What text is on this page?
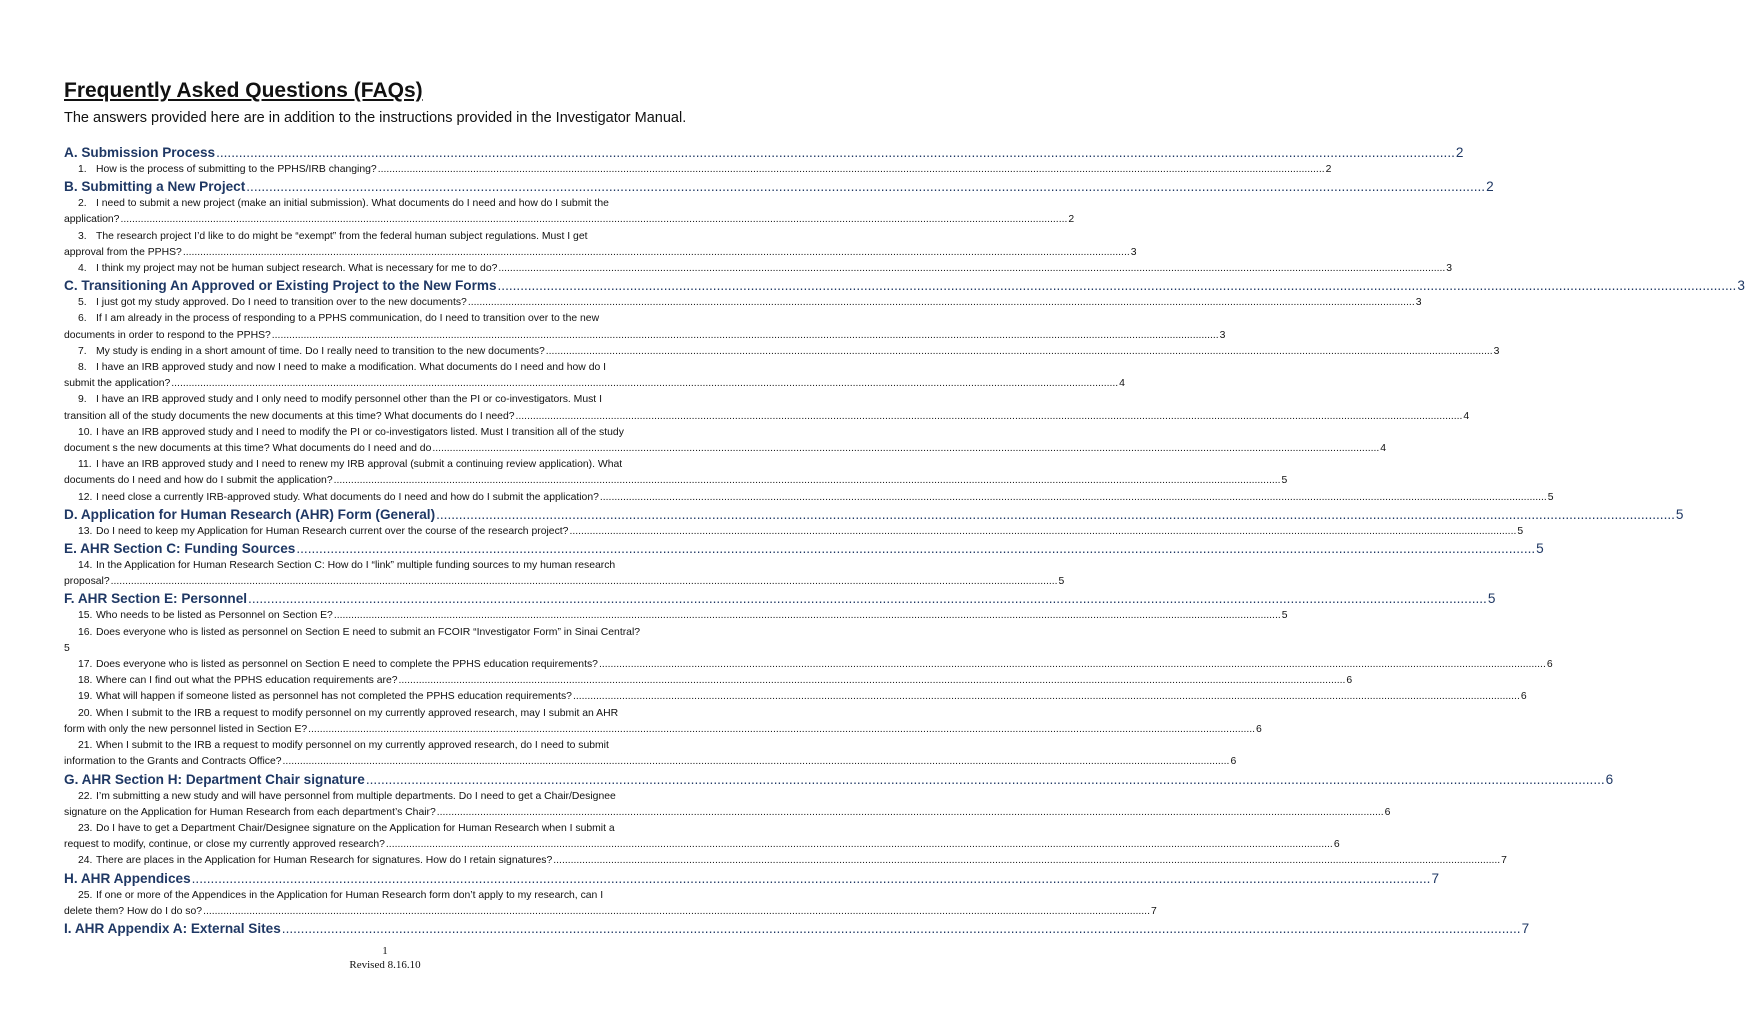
Frequently Asked Questions (FAQs)

The answers provided here are in addition to the instructions provided in the Investigator Manual.

A. Submission Process .....	2
1. How is the process of submitting to the PPHS/IRB changing? .....	2
B. Submitting a New Project .....	2
2. I need to submit a new project (make an initial submission). What documents do I need and how do I submit the
application? .....	2
3. The research project I’d like to do might be “exempt” from the federal human subject regulations. Must I get
approval from the PPHS? .....	3
4. I think my project may not be human subject research. What is necessary for me to do? .....	3
C. Transitioning An Approved or Existing Project to the New Forms .....	3
5. I just got my study approved. Do I need to transition over to the new documents? .....	3
6. If I am already in the process of responding to a PPHS communication, do I need to transition over to the new
documents in order to respond to the PPHS? .....	3
7. My study is ending in a short amount of time. Do I really need to transition to the new documents? .....	3
8. I have an IRB approved study and now I need to make a modification. What documents do I need and how do I
submit the application? .....	4
9. I have an IRB approved study and I only need to modify personnel other than the PI or co-investigators. Must I
transition all of the study documents the new documents at this time? What documents do I need? .....	4
10. I have an IRB approved study and I need to modify the PI or co-investigators listed. Must I transition all of the study
document s the new documents at this time? What documents do I need and do .....	4
11. I have an IRB approved study and I need to renew my IRB approval (submit a continuing review application). What
documents do I need and how do I submit the application? .....	5
12. I need close a currently IRB-approved study. What documents do I need and how do I submit the application? .....	5
D. Application for Human Research (AHR) Form (General) .....	5
13. Do I need to keep my Application for Human Research current over the course of the research project? .....	5
E. AHR Section C: Funding Sources .....	5
14. In the Application for Human Research Section C: How do I “link” multiple funding sources to my human research
proposal? .....	5
F. AHR Section E: Personnel .....	5
15. Who needs to be listed as Personnel on Section E? .....	5
16. Does everyone who is listed as personnel on Section E need to submit an FCOIR “Investigator Form” in Sinai Central?
5
17. Does everyone who is listed as personnel on Section E need to complete the PPHS education requirements? .....	6
18. Where can I find out what the PPHS education requirements are? .....	6
19. What will happen if someone listed as personnel has not completed the PPHS education requirements? .....	6
20. When I submit to the IRB a request to modify personnel on my currently approved research, may I submit an AHR
form with only the new personnel listed in Section E? .....	6
21. When I submit to the IRB a request to modify personnel on my currently approved research, do I need to submit
information to the Grants and Contracts Office? .....	6
G. AHR Section H: Department Chair signature .....	6
22. I’m submitting a new study and will have personnel from multiple departments. Do I need to get a Chair/Designee
signature on the Application for Human Research from each department’s Chair? .....	6
23. Do I have to get a Department Chair/Designee signature on the Application for Human Research when I submit a
request to modify, continue, or close my currently approved research? .....	6
24. There are places in the Application for Human Research for signatures. How do I retain signatures? .....	7
H. AHR Appendices .....	7
25. If one or more of the Appendices in the Application for Human Research form don’t apply to my research, can I
delete them? How do I do so? .....	7
I. AHR Appendix A: External Sites .....	7
1
Revised 8.16.10
